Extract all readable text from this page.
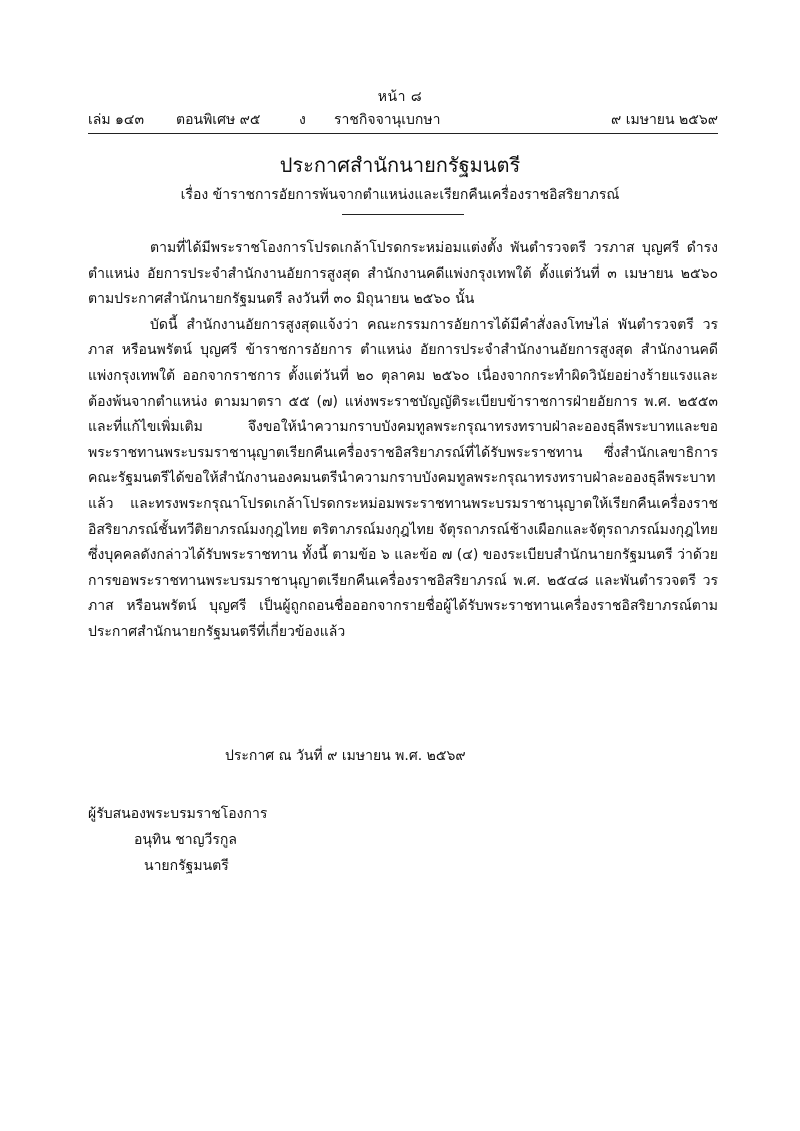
หน้า ๘
เล่ม ๑๔๓ ตอนพิเศษ ๙๕	ง ราชกิจจานุเบกษา	๙ เมษายน ๒๕๖๙
ประกาศสำนักนายกรัฐมนตรี
เรื่อง ข้าราชการอัยการพ้นจากตำแหน่งและเรียกคืนเครื่องราชอิสริยาภรณ์

ตามที่ได้มีพระราชโองการโปรดเกล้าโปรดกระหม่อมแต่งตั้ง พันตำรวจตรี วรภาส บุญศรี ดำรงตำแหน่ง อัยการประจำสำนักงานอัยการสูงสุด สำนักงานคดีแพ่งกรุงเทพใต้ ตั้งแต่วันที่ ๓ เมษายน ๒๕๖๐ ตามประกาศสำนักนายกรัฐมนตรี ลงวันที่ ๓๐ มิถุนายน ๒๕๖๐ นั้น

บัดนี้ สำนักงานอัยการสูงสุดแจ้งว่า คณะกรรมการอัยการได้มีคำสั่งลงโทษไล่ พันตำรวจตรี วรภาส หรือนพรัตน์ บุญศรี ข้าราชการอัยการ ตำแหน่ง อัยการประจำสำนักงานอัยการสูงสุด สำนักงานคดีแพ่งกรุงเทพใต้ ออกจากราชการ ตั้งแต่วันที่ ๒๐ ตุลาคม ๒๕๖๐ เนื่องจากกระทำผิดวินัยอย่างร้ายแรงและต้องพ้นจากตำแหน่ง ตามมาตรา ๕๕ (๗) แห่งพระราชบัญญัติระเบียบข้าราชการฝ่ายอัยการ พ.ศ. ๒๕๕๓ และที่แก้ไขเพิ่มเติม จึงขอให้นำความกราบบังคมทูลพระกรุณาทรงทราบฝ่าละอองธุลีพระบาทและขอพระราชทานพระบรมราชานุญาตเรียกคืนเครื่องราชอิสริยาภรณ์ที่ได้รับพระราชทาน ซึ่งสำนักเลขาธิการคณะรัฐมนตรีได้ขอให้สำนักงานองคมนตรีนำความกราบบังคมทูลพระกรุณาทรงทราบฝ่าละอองธุลีพระบาทแล้ว และทรงพระกรุณาโปรดเกล้าโปรดกระหม่อมพระราชทานพระบรมราชานุญาตให้เรียกคืนเครื่องราชอิสริยาภรณ์ชั้นทวีติยาภรณ์มงกุฎไทย ตริตาภรณ์มงกุฎไทย จัตุรถาภรณ์ช้างเผือกและจัตุรถาภรณ์มงกุฎไทย ซึ่งบุคคลดังกล่าวได้รับพระราชทาน ทั้งนี้ ตามข้อ ๖ และข้อ ๗ (๔) ของระเบียบสำนักนายกรัฐมนตรี ว่าด้วยการขอพระราชทานพระบรมราชานุญาตเรียกคืนเครื่องราชอิสริยาภรณ์ พ.ศ. ๒๕๔๘ และพันตำรวจตรี วรภาส หรือนพรัตน์ บุญศรี เป็นผู้ถูกถอนชื่อออกจากรายชื่อผู้ได้รับพระราชทานเครื่องราชอิสริยาภรณ์ตามประกาศสำนักนายกรัฐมนตรีที่เกี่ยวข้องแล้ว

ประกาศ ณ วันที่ ๙ เมษายน พ.ศ. ๒๕๖๙
ผู้รับสนองพระบรมราชโองการ
อนุทิน ชาญวีรกูล
นายกรัฐมนตรี
